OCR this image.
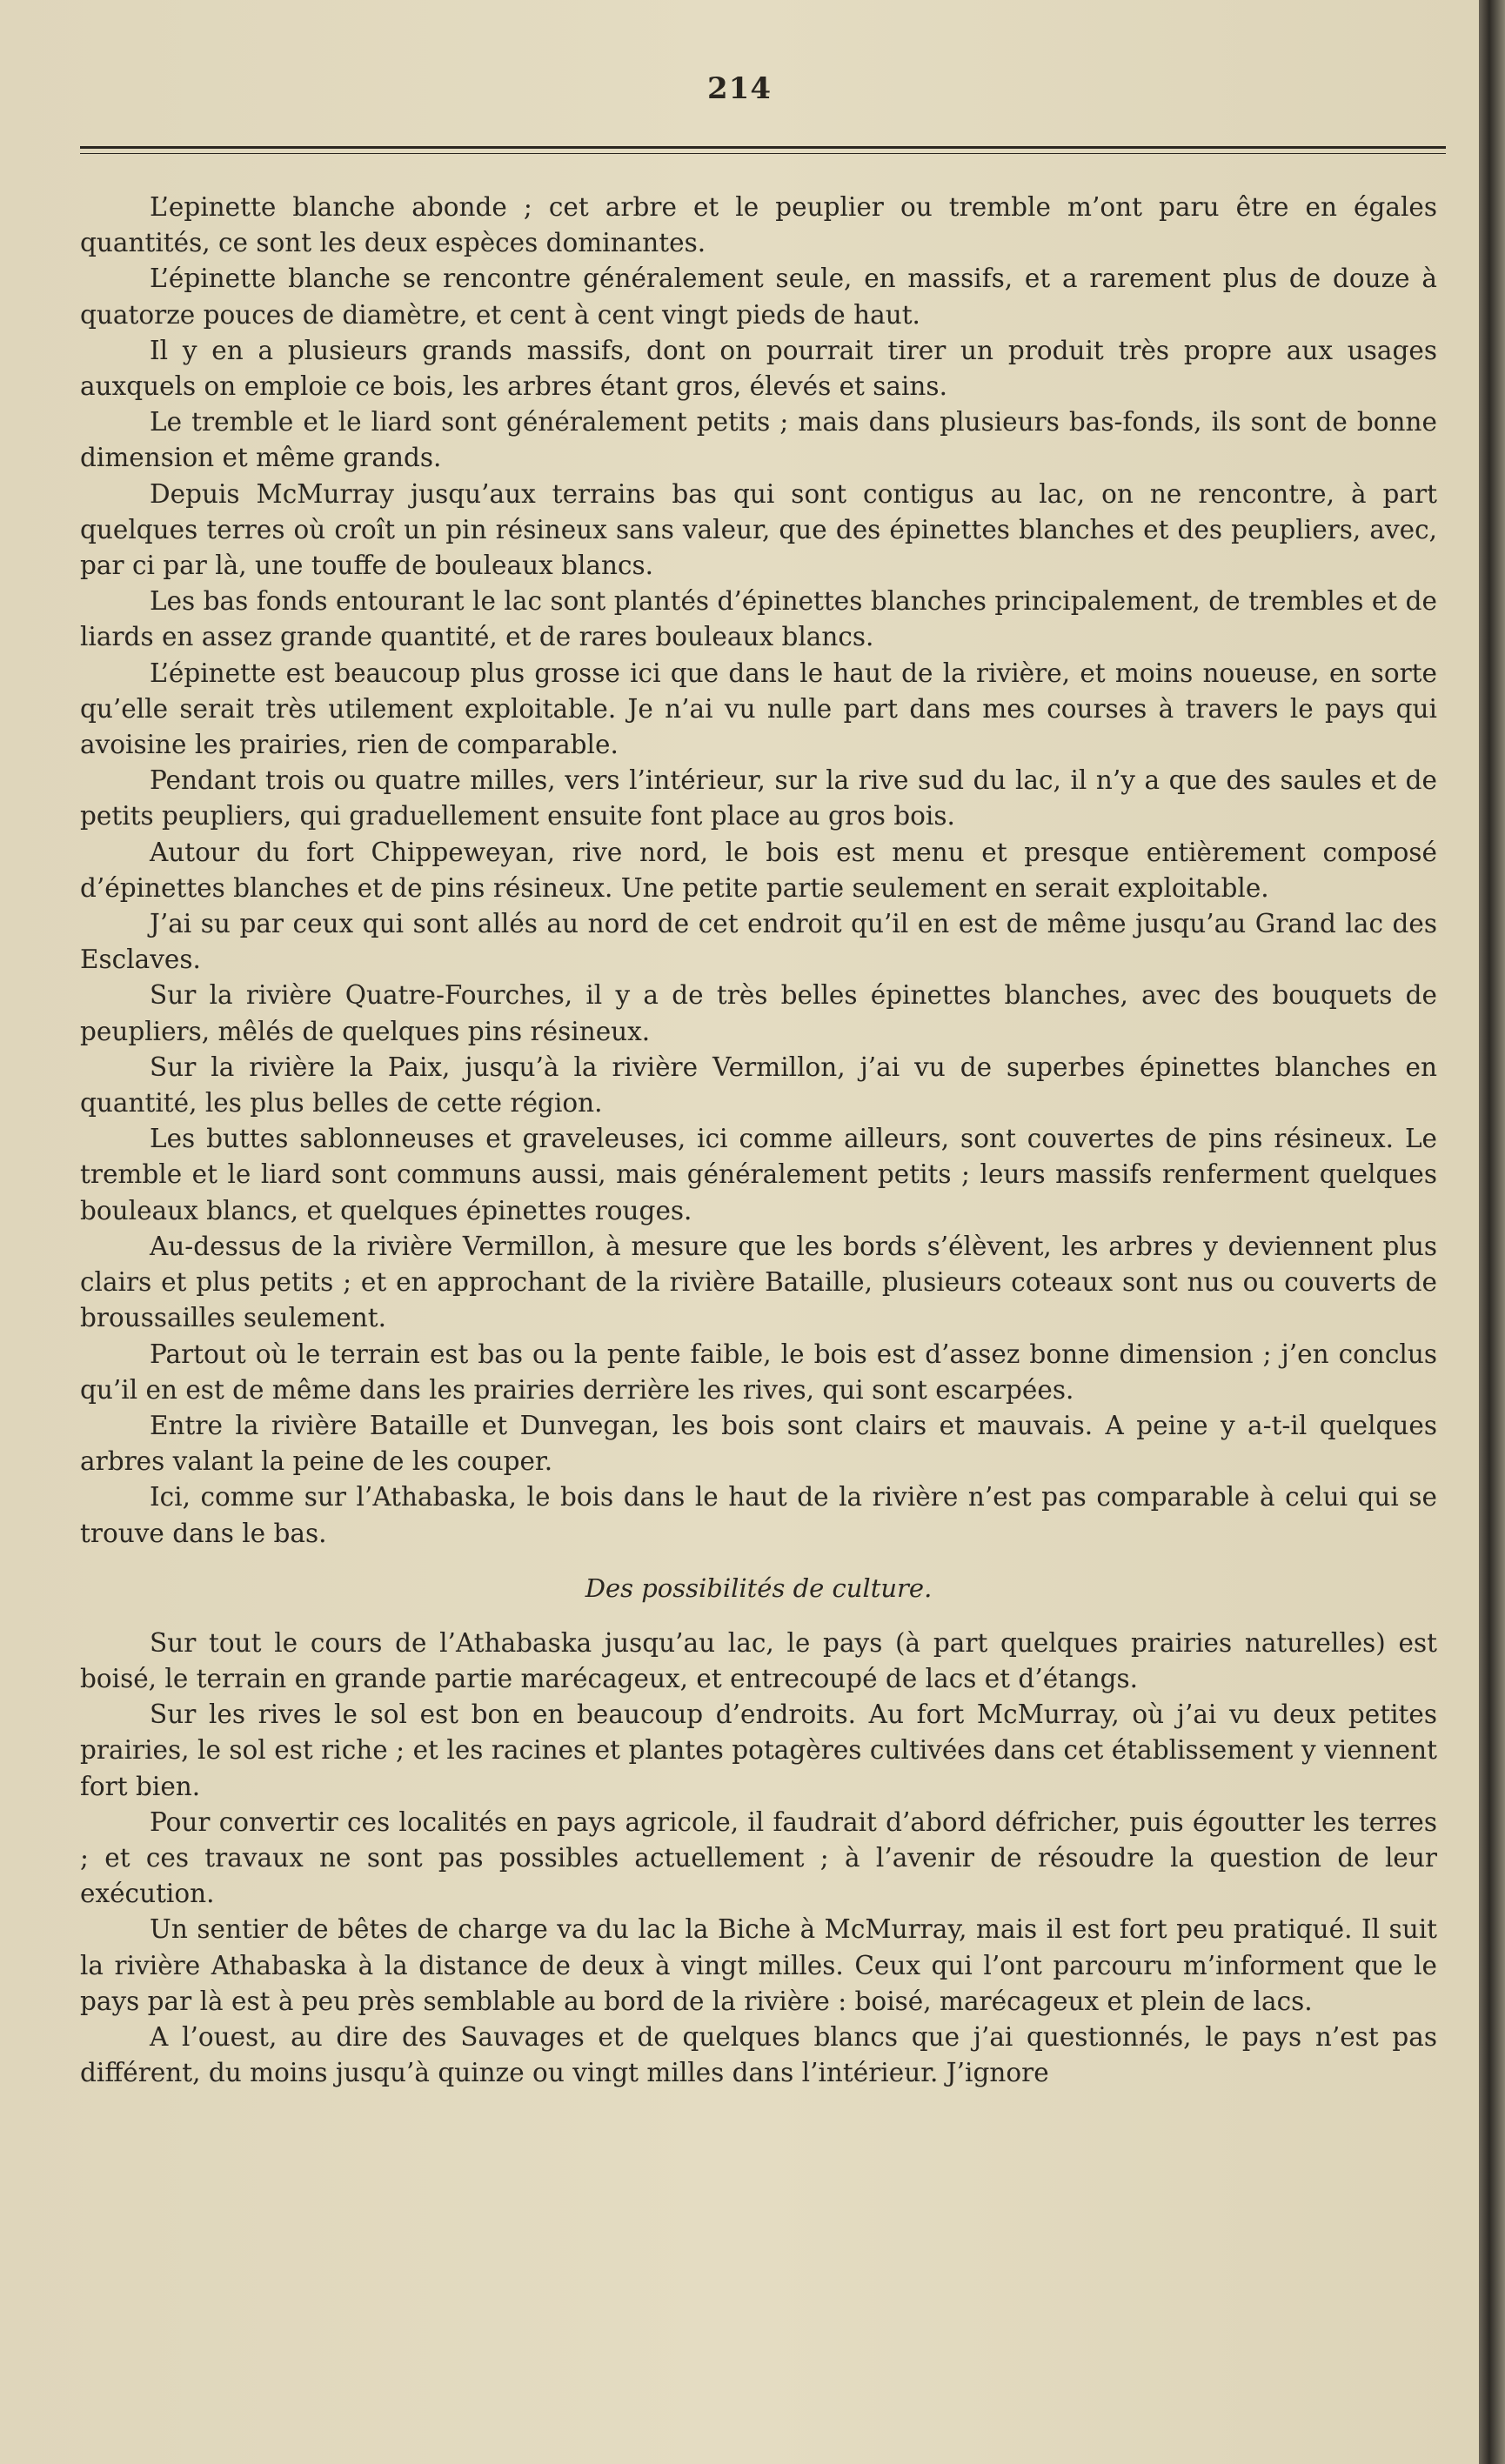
214

L’epinette blanche abonde ; cet arbre et le peuplier ou tremble m’ont paru être en égales quantités, ce sont les deux espèces dominantes.

L’épinette blanche se rencontre généralement seule, en massifs, et a rarement plus de douze à quatorze pouces de diamètre, et cent à cent vingt pieds de haut.

Il y en a plusieurs grands massifs, dont on pourrait tirer un produit très propre aux usages auxquels on emploie ce bois, les arbres étant gros, élevés et sains.

Le tremble et le liard sont généralement petits ; mais dans plusieurs bas-fonds, ils sont de bonne dimension et même grands.

Depuis McMurray jusqu’aux terrains bas qui sont contigus au lac, on ne rencontre, à part quelques terres où croît un pin résineux sans valeur, que des épinettes blanches et des peupliers, avec, par ci par là, une touffe de bouleaux blancs.

Les bas fonds entourant le lac sont plantés d’épinettes blanches principalement, de trembles et de liards en assez grande quantité, et de rares bouleaux blancs.

L’épinette est beaucoup plus grosse ici que dans le haut de la rivière, et moins noueuse, en sorte qu’elle serait très utilement exploitable. Je n’ai vu nulle part dans mes courses à travers le pays qui avoisine les prairies, rien de comparable.

Pendant trois ou quatre milles, vers l’intérieur, sur la rive sud du lac, il n’y a que des saules et de petits peupliers, qui graduellement ensuite font place au gros bois.

Autour du fort Chippeweyan, rive nord, le bois est menu et presque entièrement composé d’épinettes blanches et de pins résineux. Une petite partie seulement en serait exploitable.

J’ai su par ceux qui sont allés au nord de cet endroit qu’il en est de même jusqu’au Grand lac des Esclaves.

Sur la rivière Quatre-Fourches, il y a de très belles épinettes blanches, avec des bouquets de peupliers, mêlés de quelques pins résineux.

Sur la rivière la Paix, jusqu’à la rivière Vermillon, j’ai vu de superbes épinettes blanches en quantité, les plus belles de cette région.

Les buttes sablonneuses et graveleuses, ici comme ailleurs, sont couvertes de pins résineux. Le tremble et le liard sont communs aussi, mais généralement petits ; leurs massifs renferment quelques bouleaux blancs, et quelques épinettes rouges.

Au-dessus de la rivière Vermillon, à mesure que les bords s’élèvent, les arbres y deviennent plus clairs et plus petits ; et en approchant de la rivière Bataille, plusieurs coteaux sont nus ou couverts de broussailles seulement.

Partout où le terrain est bas ou la pente faible, le bois est d’assez bonne dimension ; j’en conclus qu’il en est de même dans les prairies derrière les rives, qui sont escarpées.

Entre la rivière Bataille et Dunvegan, les bois sont clairs et mauvais. A peine y a-t-il quelques arbres valant la peine de les couper.

Ici, comme sur l’Athabaska, le bois dans le haut de la rivière n’est pas comparable à celui qui se trouve dans le bas.

Des possibilités de culture.

Sur tout le cours de l’Athabaska jusqu’au lac, le pays (à part quelques prairies naturelles) est boisé, le terrain en grande partie marécageux, et entrecoupé de lacs et d’étangs.

Sur les rives le sol est bon en beaucoup d’endroits. Au fort McMurray, où j’ai vu deux petites prairies, le sol est riche ; et les racines et plantes potagères cultivées dans cet établissement y viennent fort bien.

Pour convertir ces localités en pays agricole, il faudrait d’abord défricher, puis égoutter les terres ; et ces travaux ne sont pas possibles actuellement ; à l’avenir de résoudre la question de leur exécution.

Un sentier de bêtes de charge va du lac la Biche à McMurray, mais il est fort peu pratiqué. Il suit la rivière Athabaska à la distance de deux à vingt milles. Ceux qui l’ont parcouru m’informent que le pays par là est à peu près semblable au bord de la rivière : boisé, marécageux et plein de lacs.

A l’ouest, au dire des Sauvages et de quelques blancs que j’ai questionnés, le pays n’est pas différent, du moins jusqu’à quinze ou vingt milles dans l’intérieur. J’ignore
